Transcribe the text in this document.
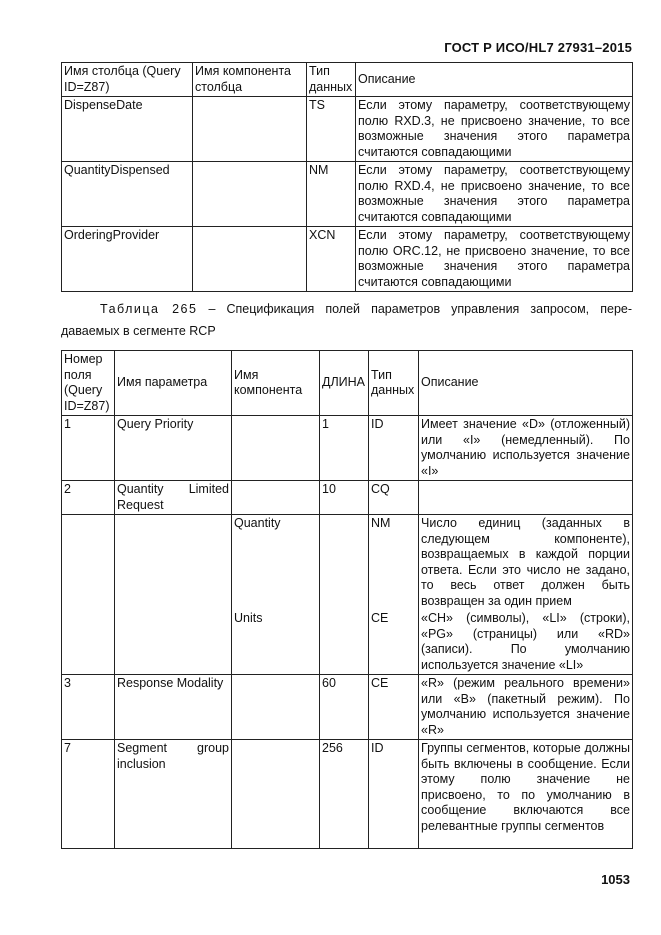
ГОСТ Р ИСО/HL7 27931–2015
Имя столбца (Query ID=Z87)	Имя компонента столбца	Тип данных	Описание
DispenseDate		TS	Если этому параметру, соответствующему полю RXD.3, не присвоено значение, то все возможные значения этого параметра считаются совпадающими
QuantityDispensed		NM	Если этому параметру, соответствующему полю RXD.4, не присвоено значение, то все возможные значения этого параметра считаются совпадающими
OrderingProvider		XCN	Если этому параметру, соответствующему полю ORC.12, не присвоено значение, то все возможные значения этого параметра считаются совпадающими
Таблица 265 – Спецификация полей параметров управления запросом, пере-
даваемых в сегменте RCP
Номер поля (Query ID=Z87)	Имя параметра	Имя компонента	ДЛИНА	Тип данных	Описание
1	Query Priority		1	ID	Имеет значение «D» (отложенный) или «I» (немедленный). По умолчанию используется значение «I»
2	Quantity Limited Request		10	CQ	
		Quantity		NM	Число единиц (заданных в следующем компоненте), возвращаемых в каждой порции ответа. Если это число не задано, то весь ответ должен быть возвращен за один прием
		Units		CE	«CH» (символы), «LI» (строки), «PG» (страницы) или «RD» (записи). По умолчанию используется значение «LI»
3	Response Modality		60	CE	«R» (режим реального времени» или «B» (пакетный режим). По умолчанию используется значение «R»
7	Segment group inclusion		256	ID	Группы сегментов, которые должны быть включены в сообщение. Если этому полю значение не присвоено, то по умолчанию в сообщение включаются все релевантные группы сегментов
1053
